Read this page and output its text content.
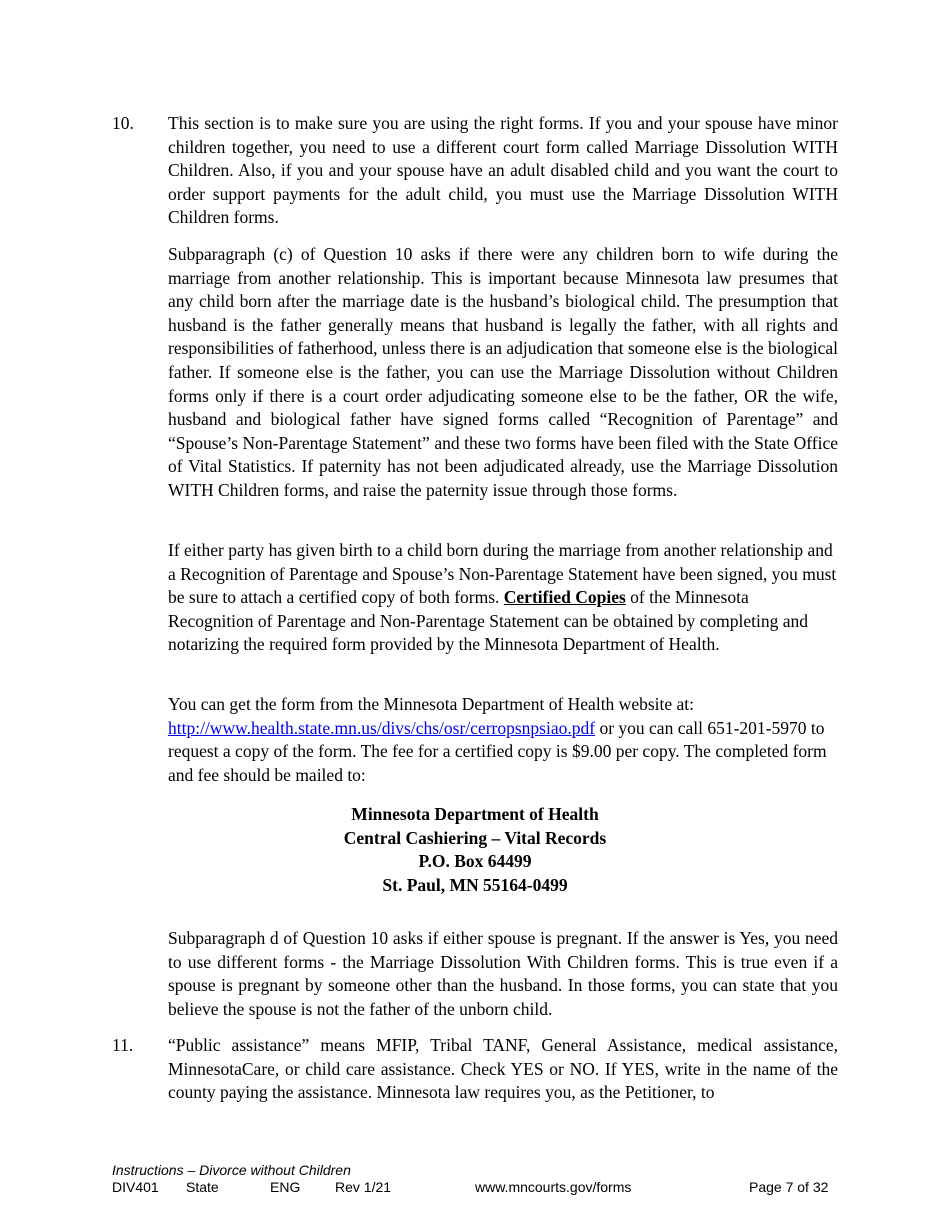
10. This section is to make sure you are using the right forms. If you and your spouse have minor children together, you need to use a different court form called Marriage Dissolution WITH Children. Also, if you and your spouse have an adult disabled child and you want the court to order support payments for the adult child, you must use the Marriage Dissolution WITH Children forms.

Subparagraph (c) of Question 10 asks if there were any children born to wife during the marriage from another relationship. This is important because Minnesota law presumes that any child born after the marriage date is the husband’s biological child. The presumption that husband is the father generally means that husband is legally the father, with all rights and responsibilities of fatherhood, unless there is an adjudication that someone else is the biological father. If someone else is the father, you can use the Marriage Dissolution without Children forms only if there is a court order adjudicating someone else to be the father, OR the wife, husband and biological father have signed forms called “Recognition of Parentage” and “Spouse’s Non-Parentage Statement” and these two forms have been filed with the State Office of Vital Statistics. If paternity has not been adjudicated already, use the Marriage Dissolution WITH Children forms, and raise the paternity issue through those forms.

If either party has given birth to a child born during the marriage from another relationship and a Recognition of Parentage and Spouse’s Non-Parentage Statement have been signed, you must be sure to attach a certified copy of both forms. Certified Copies of the Minnesota Recognition of Parentage and Non-Parentage Statement can be obtained by completing and notarizing the required form provided by the Minnesota Department of Health.

You can get the form from the Minnesota Department of Health website at:
http://www.health.state.mn.us/divs/chs/osr/cerropsnpsiao.pdf or you can call 651-201-5970 to request a copy of the form. The fee for a certified copy is $9.00 per copy. The completed form and fee should be mailed to:

Minnesota Department of Health
Central Cashiering – Vital Records
P.O. Box 64499
St. Paul, MN 55164-0499

Subparagraph d of Question 10 asks if either spouse is pregnant. If the answer is Yes, you need to use different forms - the Marriage Dissolution With Children forms. This is true even if a spouse is pregnant by someone other than the husband. In those forms, you can state that you believe the spouse is not the father of the unborn child.

11. “Public assistance” means MFIP, Tribal TANF, General Assistance, medical assistance, MinnesotaCare, or child care assistance. Check YES or NO. If YES, write in the name of the county paying the assistance. Minnesota law requires you, as the Petitioner, to

Instructions – Divorce without Children
DIV401 State	ENG Rev 1/21	www.mncourts.gov/forms	Page 7 of 32
